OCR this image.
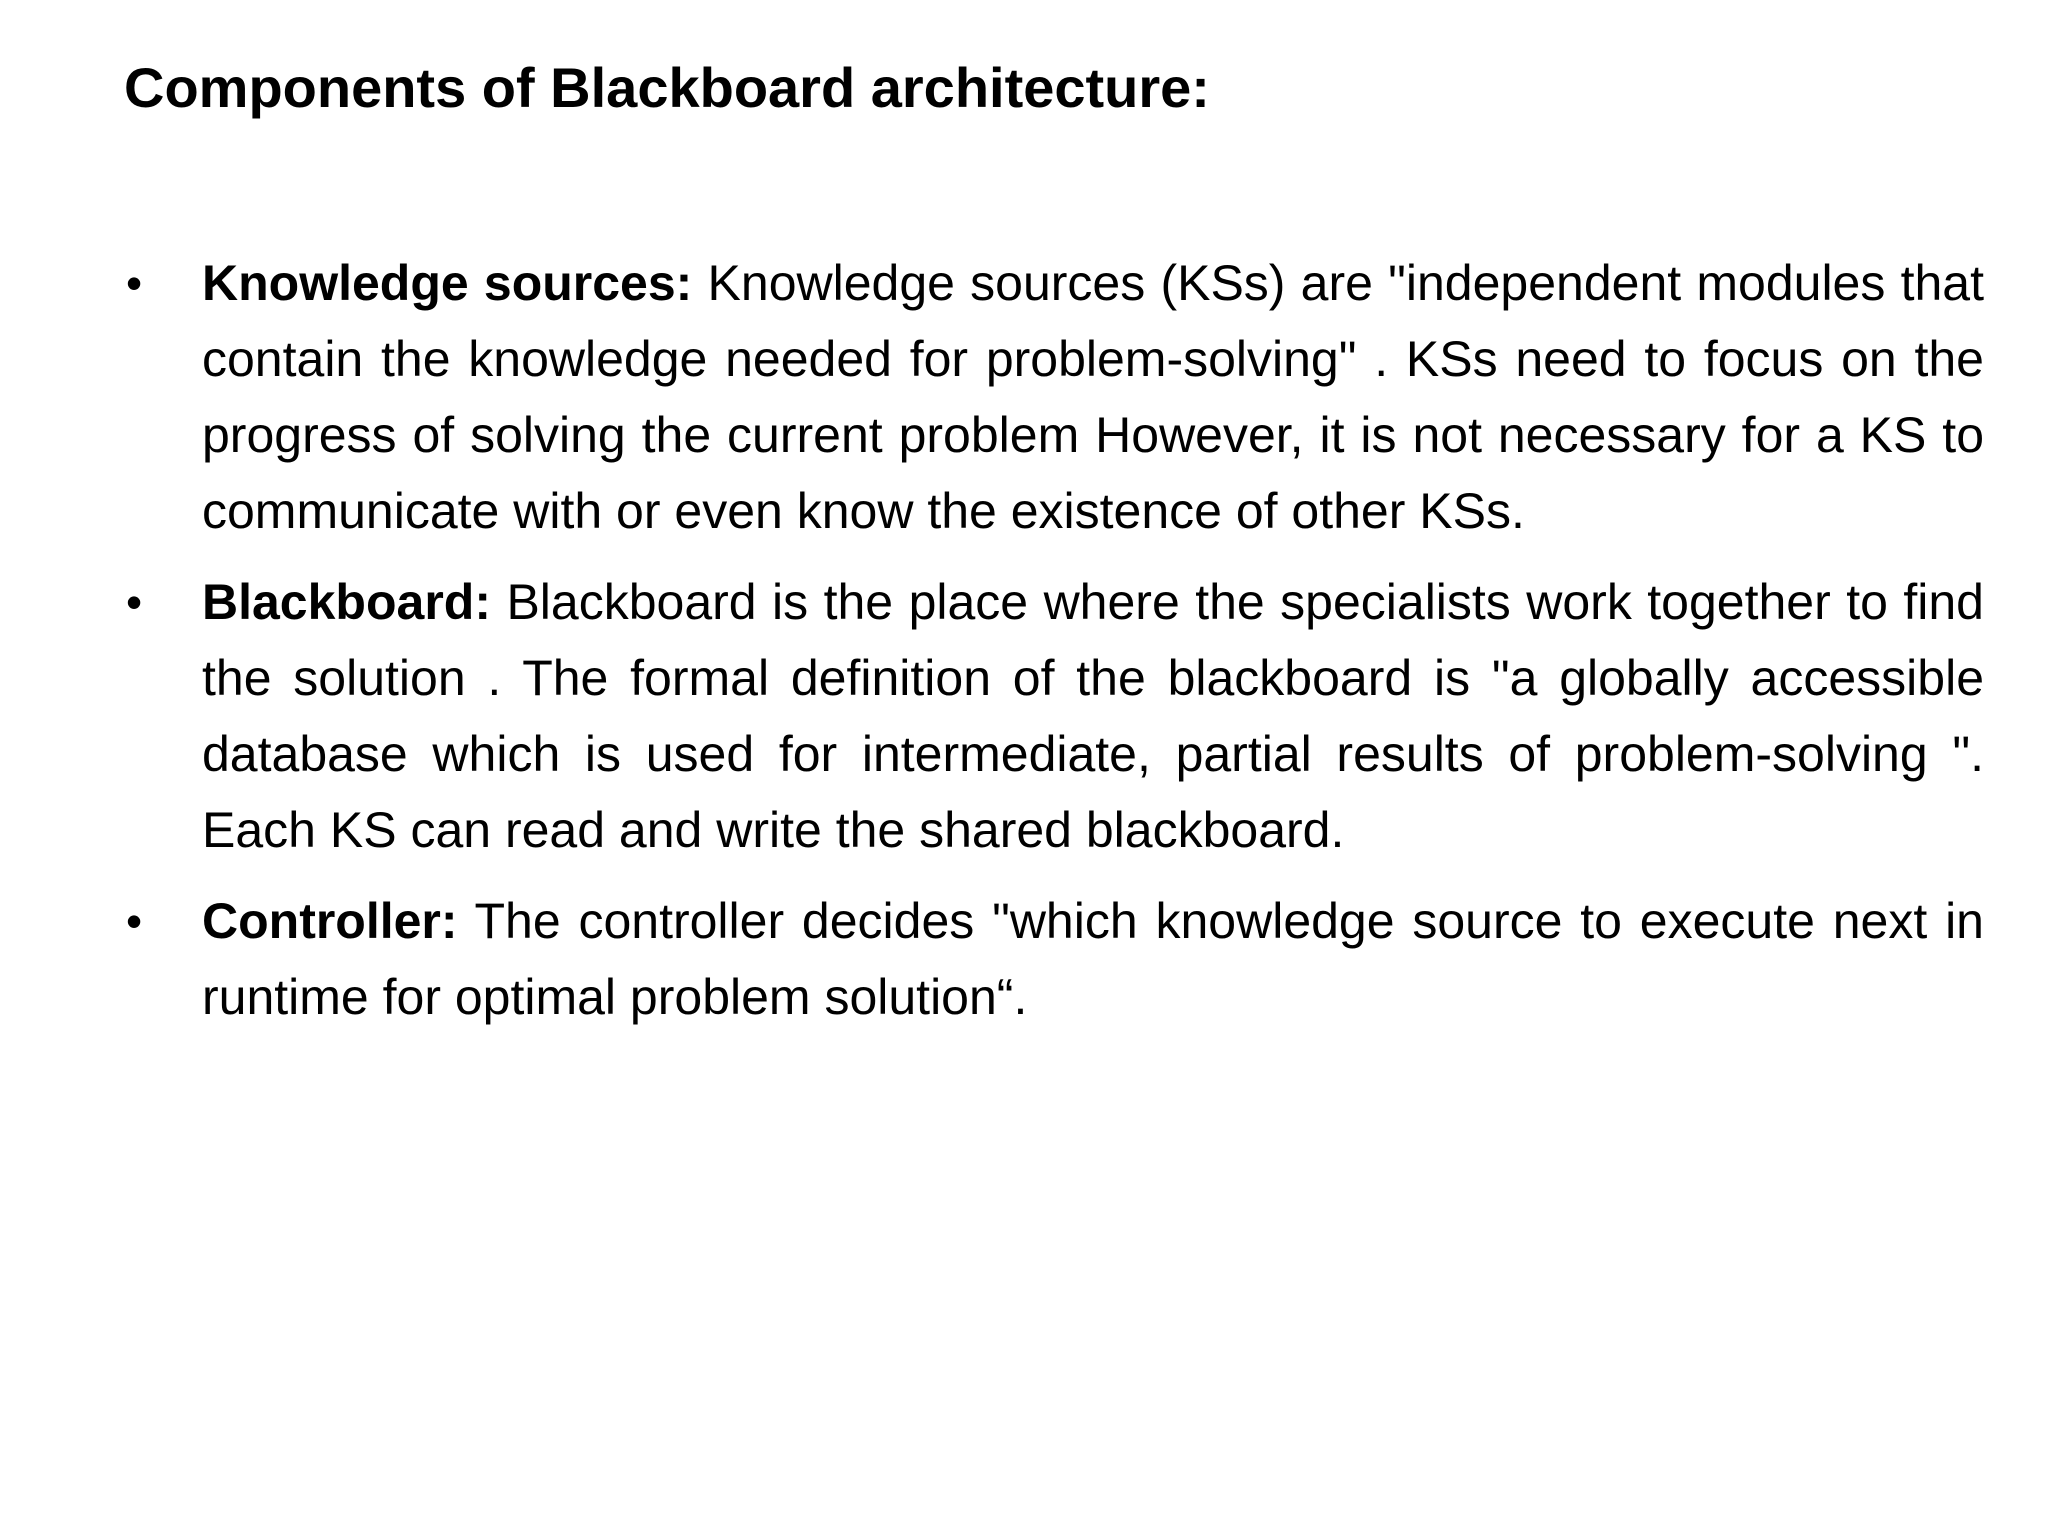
Components of Blackboard architecture:
• Knowledge sources: Knowledge sources (KSs) are "independent modules that contain the knowledge needed for problem-solving" . KSs need to focus on the progress of solving the current problem However, it is not necessary for a KS to communicate with or even know the existence of other KSs.
• Blackboard: Blackboard is the place where the specialists work together to find the solution . The formal definition of the blackboard is "a globally accessible database which is used for intermediate, partial results of problem-solving ". Each KS can read and write the shared blackboard.
• Controller: The controller decides "which knowledge source to execute next in runtime for optimal problem solution“.
